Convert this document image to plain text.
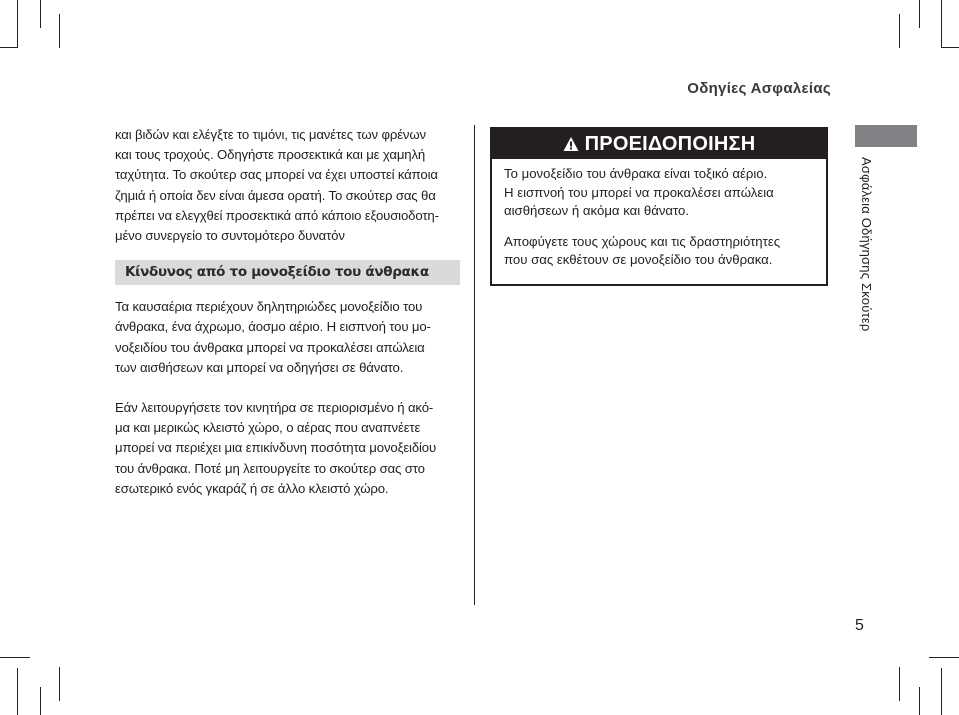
Οδηγίες Ασφαλείας

και βιδών και ελέγξτε το τιμόνι, τις μανέτες των φρένων
και τους τροχούς. Οδηγήστε προσεκτικά και με χαμηλή
ταχύτητα. Το σκούτερ σας μπορεί να έχει υποστεί κάποια
ζημιά ή οποία δεν είναι άμεσα ορατή. Το σκούτερ σας θα
πρέπει να ελεγχθεί προσεκτικά από κάποιο εξουσιοδοτη-
μένο συνεργείο το συντομότερο δυνατόν

Κίνδυνος από το μονοξείδιο του άνθρακα

Τα καυσαέρια περιέχουν δηλητηριώδες μονοξείδιο του
άνθρακα, ένα άχρωμο, άοσμο αέριο. Η εισπνοή του μο-
νοξειδίου του άνθρακα μπορεί να προκαλέσει απώλεια
των αισθήσεων και μπορεί να οδηγήσει σε θάνατο.

Εάν λειτουργήσετε τον κινητήρα σε περιορισμένο ή ακό-
μα και μερικώς κλειστό χώρο, ο αέρας που αναπνέετε
μπορεί να περιέχει μια επικίνδυνη ποσότητα μονοξειδίου
του άνθρακα. Ποτέ μη λειτουργείτε το σκούτερ σας στο
εσωτερικό ενός γκαράζ ή σε άλλο κλειστό χώρο.

ΠΡΟΕΙΔΟΠΟΙΗΣΗ

Το μονοξείδιο του άνθρακα είναι τοξικό αέριο.
Η εισπνοή του μπορεί να προκαλέσει απώλεια
αισθήσεων ή ακόμα και θάνατο.

Αποφύγετε τους χώρους και τις δραστηριότητες
που σας εκθέτουν σε μονοξείδιο του άνθρακα.	Ασφάλεια Οδήγησης Σκούτερ
5
